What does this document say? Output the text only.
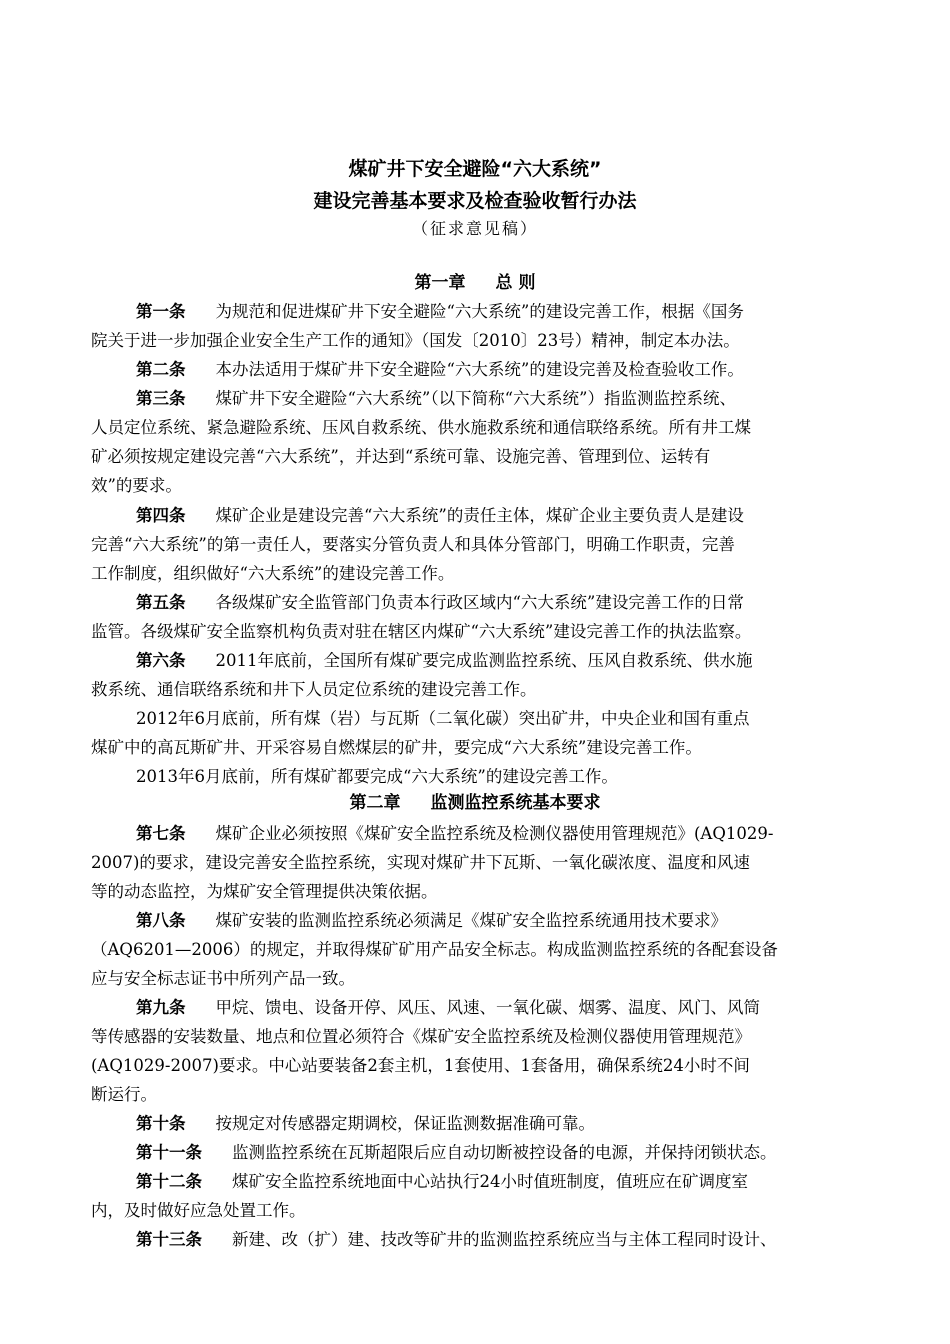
煤矿井下安全避险“六大系统”
建设完善基本要求及检查验收暂行办法
（征求意见稿）
第一章 总 则
第一条 为规范和促进煤矿井下安全避险“六大系统”的建设完善工作，根据《国务
院关于进一步加强企业安全生产工作的通知》（国发〔2010〕23号）精神，制定本办法。
第二条 本办法适用于煤矿井下安全避险“六大系统”的建设完善及检查验收工作。
第三条 煤矿井下安全避险“六大系统”（以下简称“六大系统”）指监测监控系统、
人员定位系统、紧急避险系统、压风自救系统、供水施救系统和通信联络系统。所有井工煤
矿必须按规定建设完善“六大系统”，并达到“系统可靠、设施完善、管理到位、运转有
效”的要求。
第四条 煤矿企业是建设完善“六大系统”的责任主体，煤矿企业主要负责人是建设
完善“六大系统”的第一责任人，要落实分管负责人和具体分管部门，明确工作职责，完善
工作制度，组织做好“六大系统”的建设完善工作。
第五条 各级煤矿安全监管部门负责本行政区域内“六大系统”建设完善工作的日常
监管。各级煤矿安全监察机构负责对驻在辖区内煤矿“六大系统”建设完善工作的执法监察。
第六条 2011年底前，全国所有煤矿要完成监测监控系统、压风自救系统、供水施
救系统、通信联络系统和井下人员定位系统的建设完善工作。
2012年6月底前，所有煤（岩）与瓦斯（二氧化碳）突出矿井，中央企业和国有重点
煤矿中的高瓦斯矿井、开采容易自燃煤层的矿井，要完成“六大系统”建设完善工作。
2013年6月底前，所有煤矿都要完成“六大系统”的建设完善工作。
第二章 监测监控系统基本要求
第七条 煤矿企业必须按照《煤矿安全监控系统及检测仪器使用管理规范》(AQ1029-
2007)的要求，建设完善安全监控系统，实现对煤矿井下瓦斯、一氧化碳浓度、温度和风速
等的动态监控，为煤矿安全管理提供决策依据。
第八条 煤矿安装的监测监控系统必须满足《煤矿安全监控系统通用技术要求》
（AQ6201—2006）的规定，并取得煤矿矿用产品安全标志。构成监测监控系统的各配套设备
应与安全标志证书中所列产品一致。
第九条 甲烷、馈电、设备开停、风压、风速、一氧化碳、烟雾、温度、风门、风筒
等传感器的安装数量、地点和位置必须符合《煤矿安全监控系统及检测仪器使用管理规范》
(AQ1029-2007)要求。中心站要装备2套主机，1套使用、1套备用，确保系统24小时不间
断运行。
第十条 按规定对传感器定期调校，保证监测数据准确可靠。
第十一条 监测监控系统在瓦斯超限后应自动切断被控设备的电源，并保持闭锁状态。
第十二条 煤矿安全监控系统地面中心站执行24小时值班制度，值班应在矿调度室
内，及时做好应急处置工作。
第十三条 新建、改（扩）建、技改等矿井的监测监控系统应当与主体工程同时设计、
